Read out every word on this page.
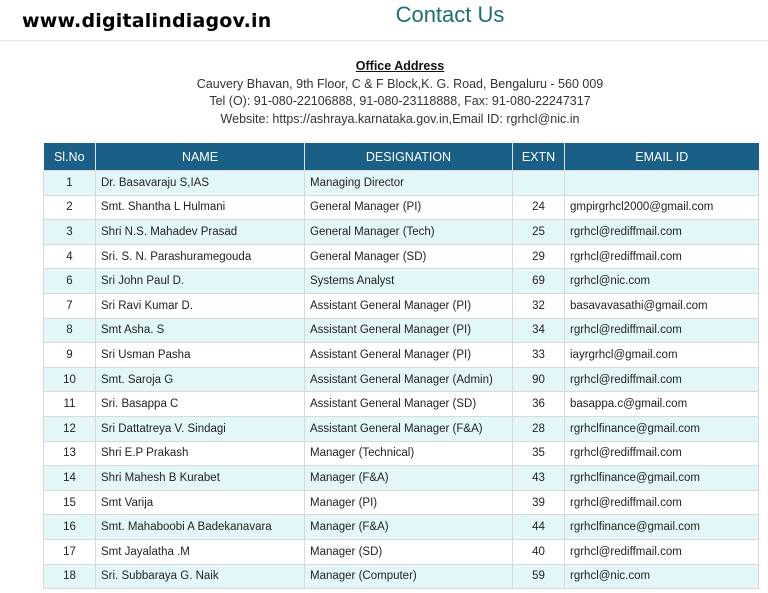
www.digitalindiagov.in	Contact Us
Office Address
Cauvery Bhavan, 9th Floor, C & F Block,K. G. Road, Bengaluru - 560 009
Tel (O): 91-080-22106888, 91-080-23118888, Fax: 91-080-22247317
Website: https://ashraya.karnataka.gov.in,Email ID: rgrhcl@nic.in
Sl.No	NAME	DESIGNATION	EXTN	EMAIL ID
1	Dr. Basavaraju S,IAS	Managing Director		
2	Smt. Shantha L Hulmani	General Manager (PI)	24	gmpirgrhcl2000@gmail.com
3	Shri N.S. Mahadev Prasad	General Manager (Tech)	25	rgrhcl@rediffmail.com
4	Sri. S. N. Parashuramegouda	General Manager (SD)	29	rgrhcl@rediffmail.com
6	Sri John Paul D.	Systems Analyst	69	rgrhcl@nic.com
7	Sri Ravi Kumar D.	Assistant General Manager (PI)	32	basavavasathi@gmail.com
8	Smt Asha. S	Assistant General Manager (PI)	34	rgrhcl@rediffmail.com
9	Sri Usman Pasha	Assistant General Manager (PI)	33	iayrgrhcl@gmail.com
10	Smt. Saroja G	Assistant General Manager (Admin)	90	rgrhcl@rediffmail.com
11	Sri. Basappa C	Assistant General Manager (SD)	36	basappa.c@gmail.com
12	Sri Dattatreya V. Sindagi	Assistant General Manager (F&A)	28	rgrhclfinance@gmail.com
13	Shri E.P Prakash	Manager (Technical)	35	rgrhcl@rediffmail.com
14	Shri Mahesh B Kurabet	Manager (F&A)	43	rgrhclfinance@gmail.com
15	Smt Varija	Manager (PI)	39	rgrhcl@rediffmail.com
16	Smt. Mahaboobi A Badekanavara	Manager (F&A)	44	rgrhclfinance@gmail.com
17	Smt Jayalatha .M	Manager (SD)	40	rgrhcl@rediffmail.com
18	Sri. Subbaraya G. Naik	Manager (Computer)	59	rgrhcl@nic.com
